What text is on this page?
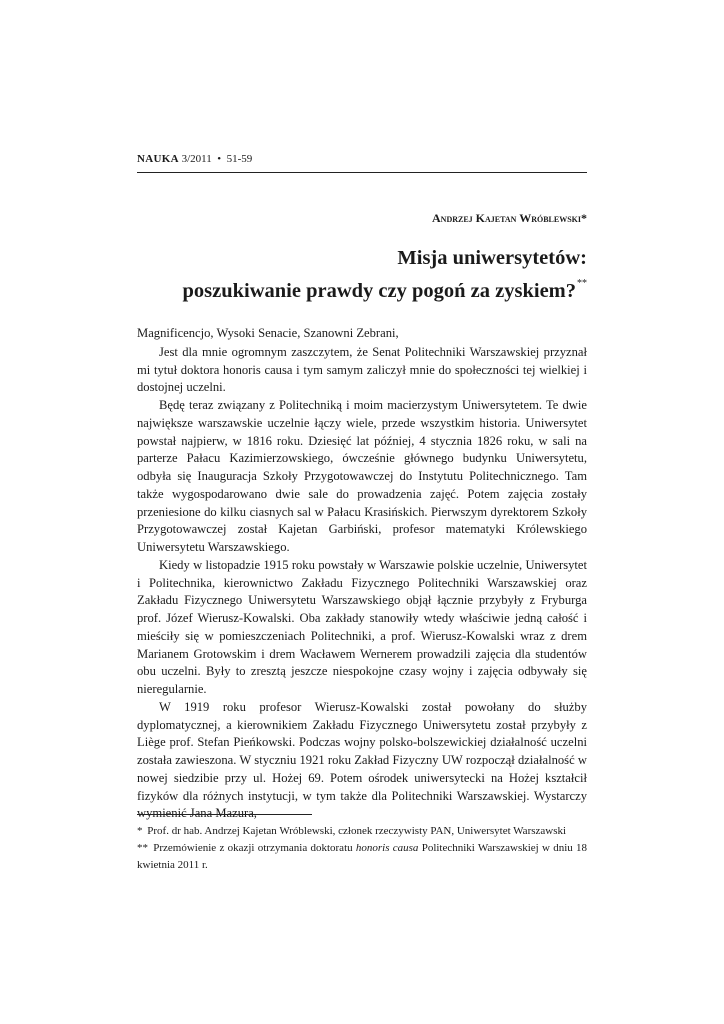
NAUKA 3/2011 • 51-59
Andrzej Kajetan Wróblewski*
Misja uniwersytetów:
poszukiwanie prawdy czy pogoń za zyskiem?**

Magnificencjo, Wysoki Senacie, Szanowni Zebrani,

Jest dla mnie ogromnym zaszczytem, że Senat Politechniki Warszawskiej przyznał mi tytuł doktora honoris causa i tym samym zaliczył mnie do społeczności tej wielkiej i dostojnej uczelni.

Będę teraz związany z Politechniką i moim macierzystym Uniwersytetem. Te dwie największe warszawskie uczelnie łączy wiele, przede wszystkim historia. Uniwersytet powstał najpierw, w 1816 roku. Dziesięć lat później, 4 stycznia 1826 roku, w sali na parterze Pałacu Kazimierzowskiego, ówcześnie głównego budynku Uniwersytetu, odbyła się Inauguracja Szkoły Przygotowawczej do Instytutu Politechnicznego. Tam także wygospodarowano dwie sale do prowadzenia zajęć. Potem zajęcia zostały przeniesione do kilku ciasnych sal w Pałacu Krasińskich. Pierwszym dyrektorem Szkoły Przygotowawczej został Kajetan Garbiński, profesor matematyki Królewskiego Uniwersytetu Warszawskiego.

Kiedy w listopadzie 1915 roku powstały w Warszawie polskie uczelnie, Uniwersytet i Politechnika, kierownictwo Zakładu Fizycznego Politechniki Warszawskiej oraz Zakładu Fizycznego Uniwersytetu Warszawskiego objął łącznie przybyły z Fryburga prof. Józef Wierusz-Kowalski. Oba zakłady stanowiły wtedy właściwie jedną całość i mieściły się w pomieszczeniach Politechniki, a prof. Wierusz-Kowalski wraz z drem Marianem Grotowskim i drem Wacławem Wernerem prowadzili zajęcia dla studentów obu uczelni. Były to zresztą jeszcze niespokojne czasy wojny i zajęcia odbywały się nieregularnie.

W 1919 roku profesor Wierusz-Kowalski został powołany do służby dyplomatycznej, a kierownikiem Zakładu Fizycznego Uniwersytetu został przybyły z Liège prof. Stefan Pieńkowski. Podczas wojny polsko-bolszewickiej działalność uczelni została zawieszona. W styczniu 1921 roku Zakład Fizyczny UW rozpoczął działalność w nowej siedzibie przy ul. Hożej 69. Potem ośrodek uniwersytecki na Hożej kształcił fizyków dla różnych instytucji, w tym także dla Politechniki Warszawskiej. Wystarczy wymienić Jana Mazura,

* Prof. dr hab. Andrzej Kajetan Wróblewski, członek rzeczywisty PAN, Uniwersytet Warszawski

** Przemówienie z okazji otrzymania doktoratu honoris causa Politechniki Warszawskiej w dniu 18 kwietnia 2011 r.
